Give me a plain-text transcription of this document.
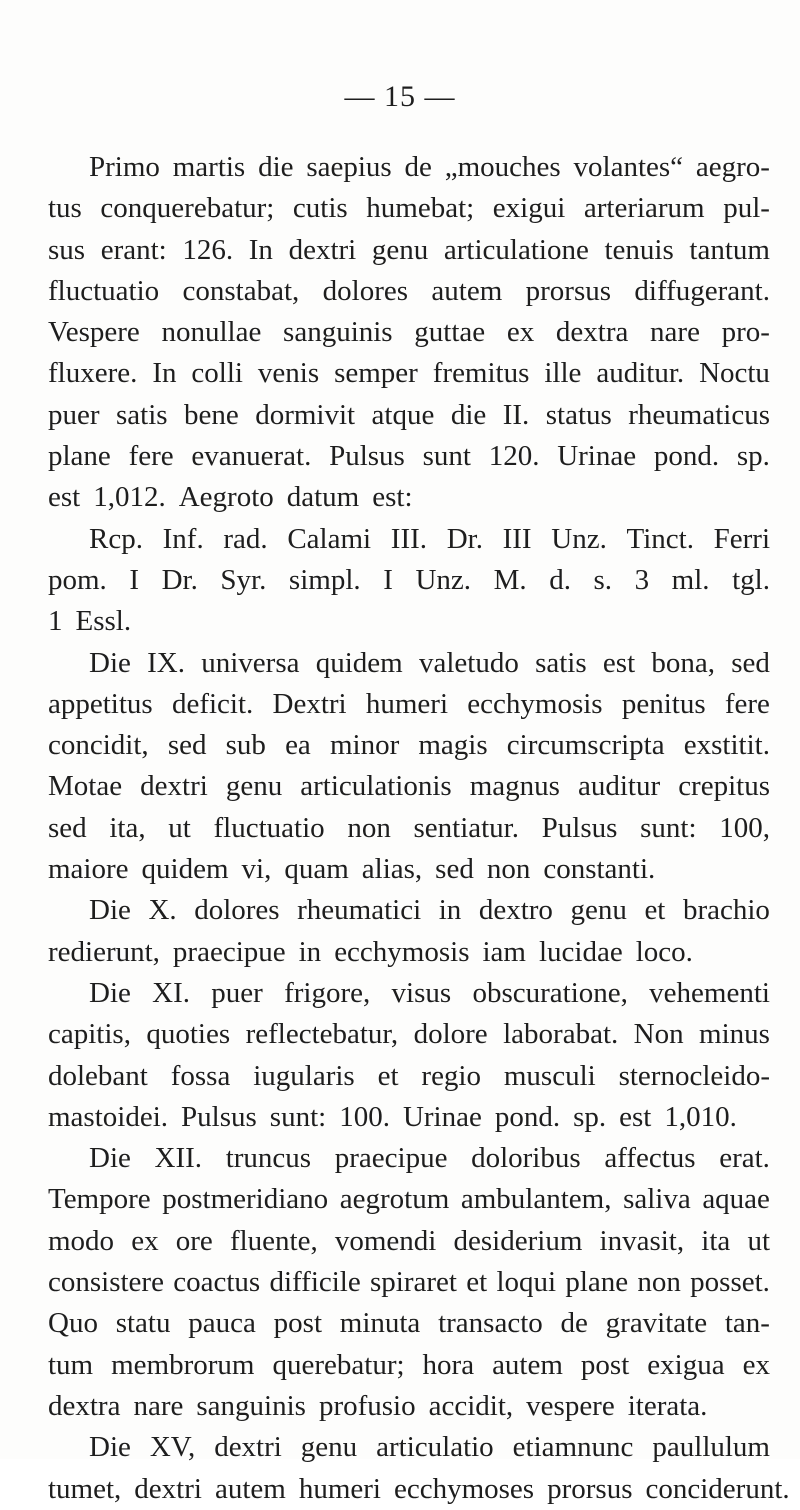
— 15 —
Primo martis die saepius de „mouches volantes“ aegro-
tus conquerebatur; cutis humebat; exigui arteriarum pul-
sus erant: 126. In dextri genu articulatione tenuis tantum
fluctuatio constabat, dolores autem prorsus diffugerant.
Vespere nonullae sanguinis guttae ex dextra nare pro-
fluxere. In colli venis semper fremitus ille auditur. Noctu
puer satis bene dormivit atque die II. status rheumaticus
plane fere evanuerat. Pulsus sunt 120. Urinae pond. sp.
est 1,012. Aegroto datum est:
Rcp. Inf. rad. Calami III. Dr. III Unz. Tinct. Ferri
pom. I Dr. Syr. simpl. I Unz. M. d. s. 3 ml. tgl.
1 Essl.
Die IX. universa quidem valetudo satis est bona, sed
appetitus deficit. Dextri humeri ecchymosis penitus fere
concidit, sed sub ea minor magis circumscripta exstitit.
Motae dextri genu articulationis magnus auditur crepitus
sed ita, ut fluctuatio non sentiatur. Pulsus sunt: 100,
maiore quidem vi, quam alias, sed non constanti.
Die X. dolores rheumatici in dextro genu et brachio
redierunt, praecipue in ecchymosis iam lucidae loco.
Die XI. puer frigore, visus obscuratione, vehementi
capitis, quoties reflectebatur, dolore laborabat. Non minus
dolebant fossa iugularis et regio musculi sternocleido-
mastoidei. Pulsus sunt: 100. Urinae pond. sp. est 1,010.
Die XII. truncus praecipue doloribus affectus erat.
Tempore postmeridiano aegrotum ambulantem, saliva aquae
modo ex ore fluente, vomendi desiderium invasit, ita ut
consistere coactus difficile spiraret et loqui plane non posset.
Quo statu pauca post minuta transacto de gravitate tan-
tum membrorum querebatur; hora autem post exigua ex
dextra nare sanguinis profusio accidit, vespere iterata.
Die XV, dextri genu articulatio etiamnunc paullulum
tumet, dextri autem humeri ecchymoses prorsus conciderunt.
